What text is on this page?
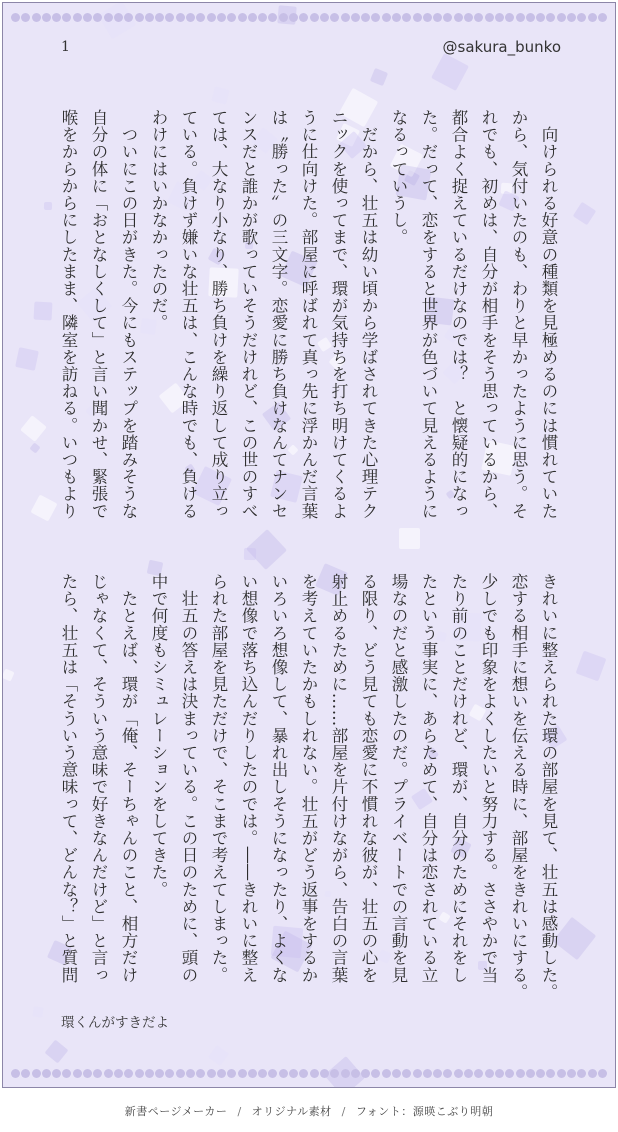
1	@sakura_bunko
　向けられる好意の種類を見極めるのには慣れていた
から、気付いたのも、わりと早かったように思う。そ
れでも、初めは、自分が相手をそう思っているから、
都合よく捉えているだけなのでは？　と懐疑的になっ
た。だって、恋をすると世界が色づいて見えるように
なるっていうし。
　だから、壮五は幼い頃から学ばされてきた心理テク
ニックを使ってまで、環が気持ちを打ち明けてくるよ
うに仕向けた。部屋に呼ばれて真っ先に浮かんだ言葉
は〝勝った〟の三文字。恋愛に勝ち負けなんてナンセ
ンスだと誰かが歌っていそうだけれど、この世のすべ
ては、大なり小なり、勝ち負けを繰り返して成り立っ
ている。負けず嫌いな壮五は、こんな時でも、負ける
わけにはいかなかったのだ。
　ついにこの日がきた。今にもステップを踏みそうな
自分の体に「おとなしくして」と言い聞かせ、緊張で
喉をからからにしたまま、隣室を訪ねる。いつもより
きれいに整えられた環の部屋を見て、壮五は感動した。
恋する相手に想いを伝える時に、部屋をきれいにする。
少しでも印象をよくしたいと努力する。ささやかで当
たり前のことだけれど、環が、自分のためにそれをし
たという事実に、あらためて、自分は恋されている立
場なのだと感激したのだ。プライベートでの言動を見
る限り、どう見ても恋愛に不慣れな彼が、壮五の心を
射止めるために……部屋を片付けながら、告白の言葉
を考えていたかもしれない。壮五がどう返事をするか
いろいろ想像して、暴れ出しそうになったり、よくな
い想像で落ち込んだりしたのでは。――きれいに整え
られた部屋を見ただけで、そこまで考えてしまった。
　壮五の答えは決まっている。この日のために、頭の
中で何度もシミュレーションをしてきた。
　たとえば、環が「俺、そーちゃんのこと、相方だけ
じゃなくて、そういう意味で好きなんだけど」と言っ
たら、壮五は「そういう意味って、どんな？」と質問
環くんがすきだよ
新書ページメーカー / オリジナル素材 / フォント：源暎こぶり明朝
